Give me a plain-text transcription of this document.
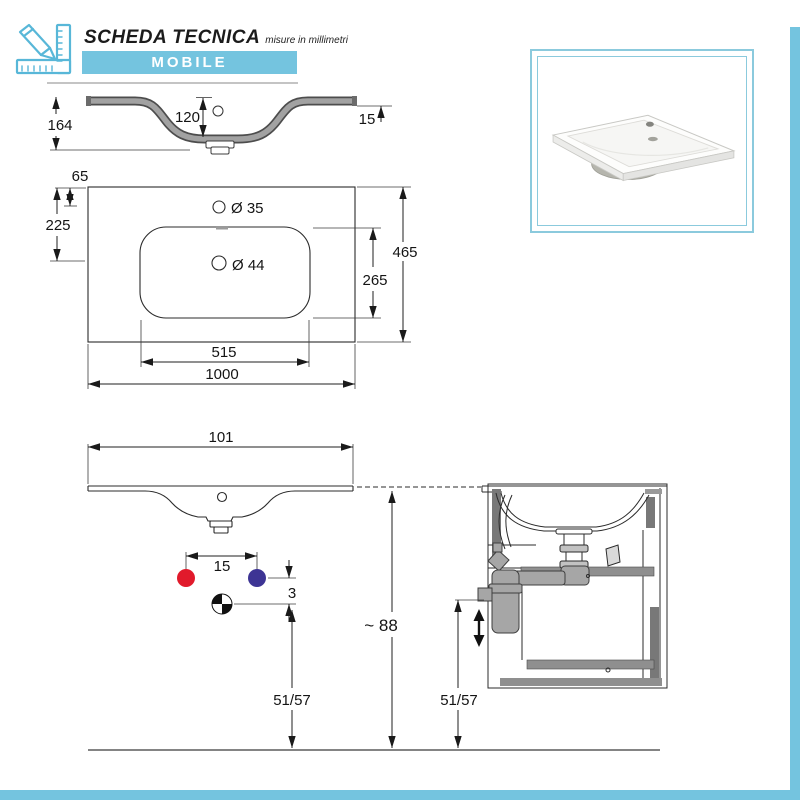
SCHEDA TECNICA misure in millimetri
MOBILE
164	120	15
Ø 35
Ø 44
65
225
465
265
515
1000
101
15
3
~ 88
51/57	51/57
